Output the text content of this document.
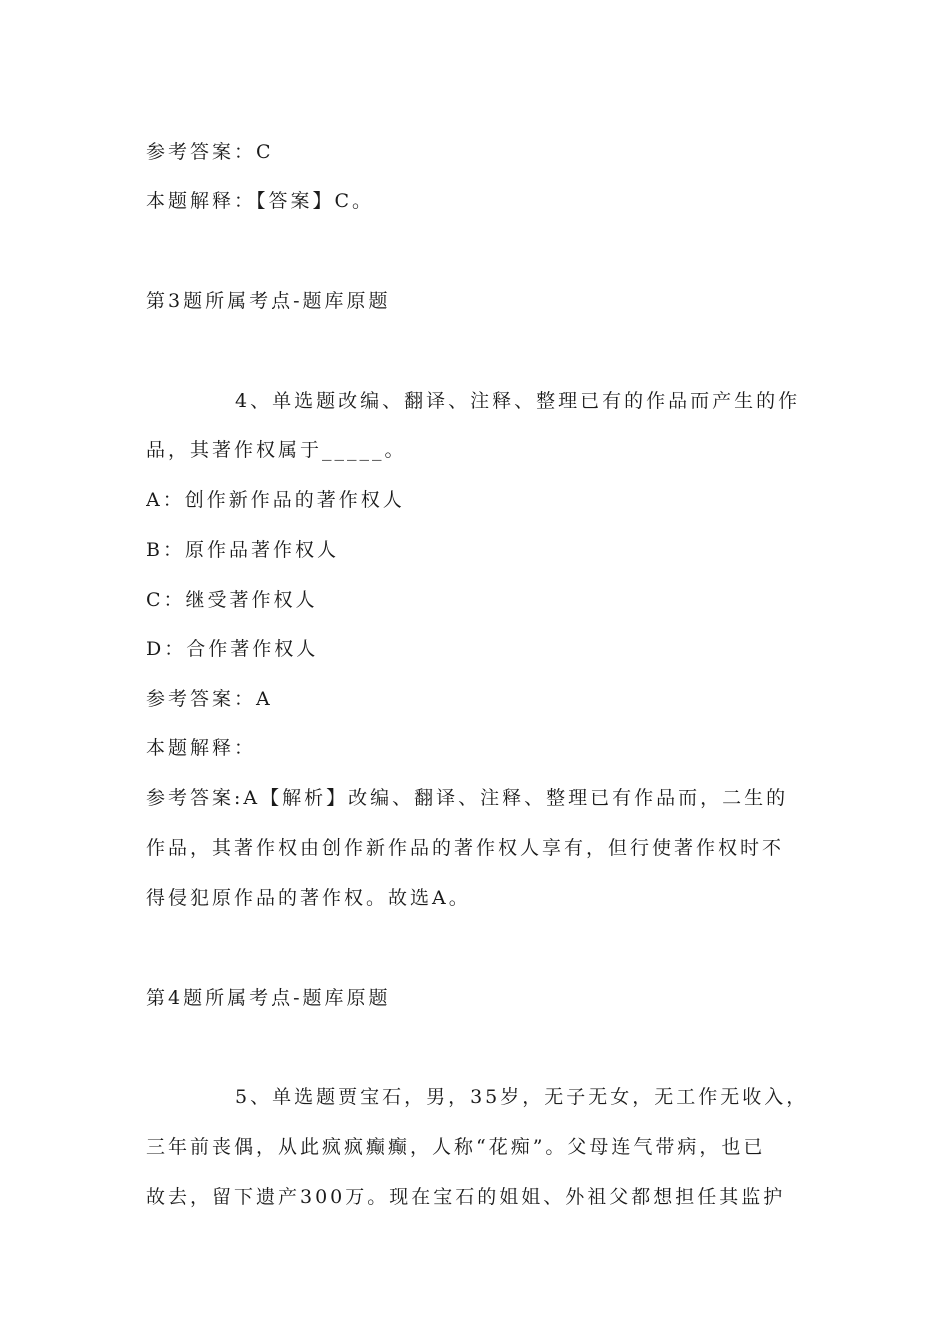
参考答案：C
本题解释：【答案】C。
第3题所属考点-题库原题
4、单选题改编、翻译、注释、整理已有的作品而产生的作
品，其著作权属于_____。
A：创作新作品的著作权人
B：原作品著作权人
C：继受著作权人
D：合作著作权人
参考答案：A
本题解释：
参考答案:A【解析】改编、翻译、注释、整理已有作品而，二生的
作品，其著作权由创作新作品的著作权人享有，但行使著作权时不
得侵犯原作品的著作权。故选A。
第4题所属考点-题库原题
5、单选题贾宝石，男，35岁，无子无女，无工作无收入，
三年前丧偶，从此疯疯癫癫，人称“花痴”。父母连气带病，也已
故去，留下遗产300万。现在宝石的姐姐、外祖父都想担任其监护
